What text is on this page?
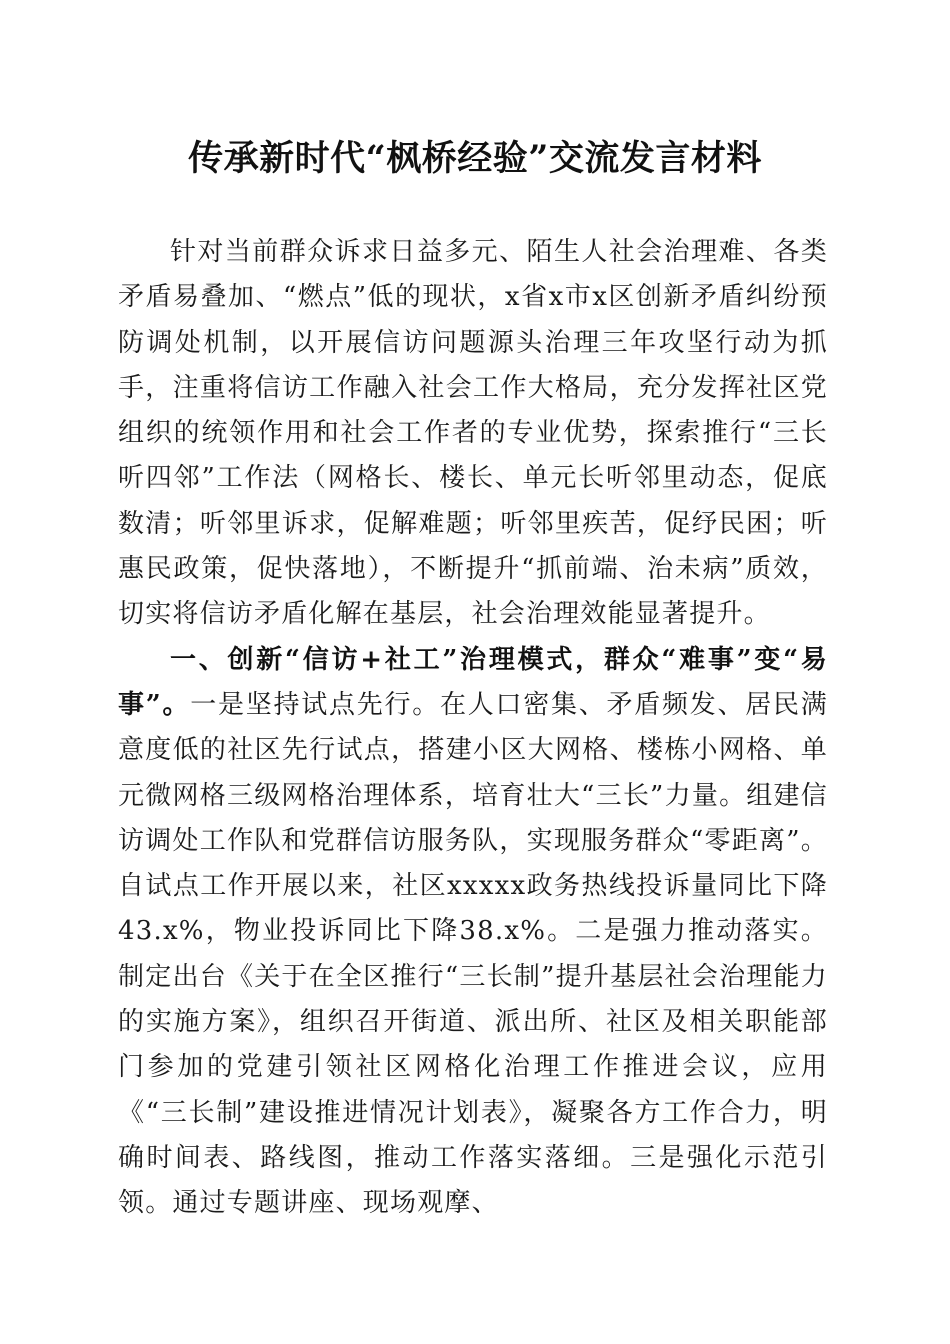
传承新时代“枫桥经验”交流发言材料

针对当前群众诉求日益多元、陌生人社会治理难、各类矛盾易叠加、“燃点”低的现状，x省x市x区创新矛盾纠纷预防调处机制，以开展信访问题源头治理三年攻坚行动为抓手，注重将信访工作融入社会工作大格局，充分发挥社区党组织的统领作用和社会工作者的专业优势，探索推行“三长听四邻”工作法（网格长、楼长、单元长听邻里动态，促底数清；听邻里诉求，促解难题；听邻里疾苦，促纾民困；听惠民政策，促快落地），不断提升“抓前端、治未病”质效，切实将信访矛盾化解在基层，社会治理效能显著提升。

一、创新“信访+社工”治理模式，群众“难事”变“易事”。一是坚持试点先行。在人口密集、矛盾频发、居民满意度低的社区先行试点，搭建小区大网格、楼栋小网格、单元微网格三级网格治理体系，培育壮大“三长”力量。组建信访调处工作队和党群信访服务队，实现服务群众“零距离”。自试点工作开展以来，社区xxxxx政务热线投诉量同比下降43.x%，物业投诉同比下降38.x%。二是强力推动落实。制定出台《关于在全区推行“三长制”提升基层社会治理能力的实施方案》，组织召开街道、派出所、社区及相关职能部门参加的党建引领社区网格化治理工作推进会议，应用《“三长制”建设推进情况计划表》，凝聚各方工作合力，明确时间表、路线图，推动工作落实落细。三是强化示范引领。通过专题讲座、现场观摩、
